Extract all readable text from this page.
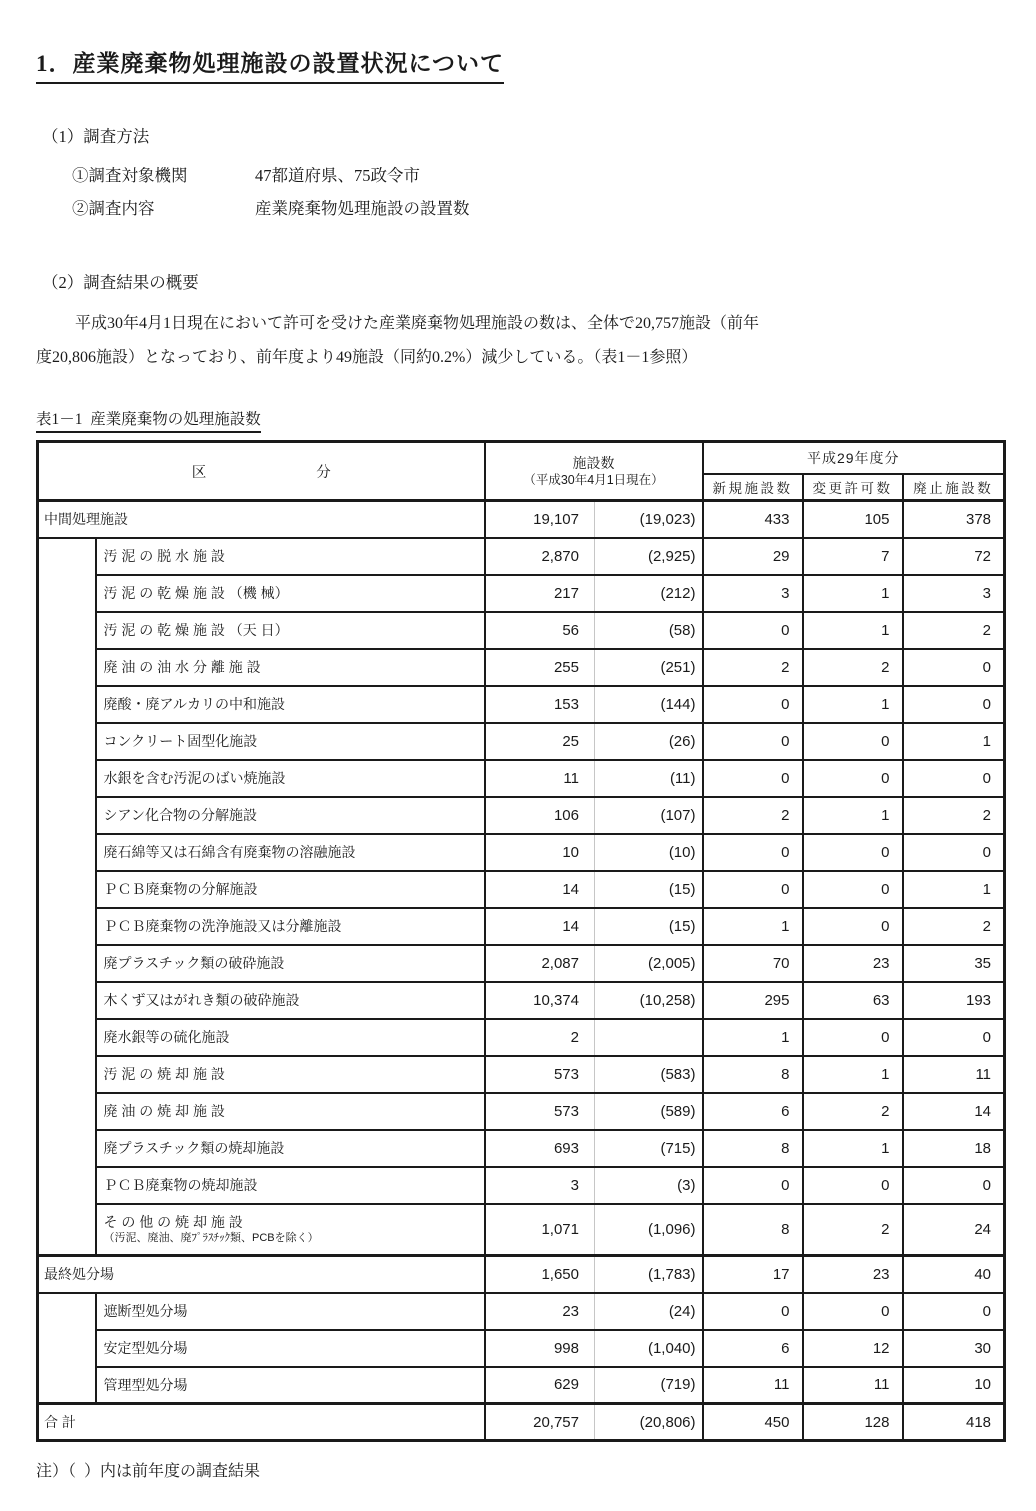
1．産業廃棄物処理施設の設置状況について
（1）調査方法
①調査対象機関	47都道府県、75政令市
②調査内容	産業廃棄物処理施設の設置数
（2）調査結果の概要
平成30年4月1日現在において許可を受けた産業廃棄物処理施設の数は、全体で20,757施設（前年
度20,806施設）となっており、前年度より49施設（同約0.2%）減少している。（表1－1参照）
表1－1  産業廃棄物の処理施設数
区	分

施設数
（平成30年4月1日現在）
	平成29年度分
				新規施設数	変更許可数	廃止施設数
中間処理施設		19,107	(19,023)	433	105	378
	汚 泥 の 脱 水 施 設	2,870	(2,925)	29	7	72
	汚 泥 の 乾 燥 施 設 （機 械）	217	(212)	3	1	3
	汚 泥 の 乾 燥 施 設 （天 日）	56	(58)	0	1	2
	廃 油 の 油 水 分 離 施 設	255	(251)	2	2	0
	廃酸・廃アルカリの中和施設	153	(144)	0	1	0
	コンクリート固型化施設	25	(26)	0	0	1
	水銀を含む汚泥のばい焼施設	11	(11)	0	0	0
	シアン化合物の分解施設	106	(107)	2	1	2
	廃石綿等又は石綿含有廃棄物の溶融施設	10	(10)	0	0	0
	ＰＣＢ廃棄物の分解施設	14	(15)	0	0	1
	ＰＣＢ廃棄物の洗浄施設又は分離施設	14	(15)	1	0	2
	廃プラスチック類の破砕施設	2,087	(2,005)	70	23	35
	木くず又はがれき類の破砕施設	10,374	(10,258)	295	63	193
	廃水銀等の硫化施設	2		1	0	0
	汚 泥 の 焼 却 施 設	573	(583)	8	1	11
	廃 油 の 焼 却 施 設	573	(589)	6	2	14
	廃プラスチック類の焼却施設	693	(715)	8	1	18
	ＰＣＢ廃棄物の焼却施設	3	(3)	0	0	0

	そ の 他 の 焼 却 施 設
（汚泥、廃油、廃ﾌﾟﾗｽﾁｯｸ類、PCBを除く）	1,071	(1,096)	8	2	24
最終処分場		1,650	(1,783)	17	23	40
	遮断型処分場	23	(24)	0	0	0
	安定型処分場	998	(1,040)	6	12	30
	管理型処分場	629	(719)	11	11	10
合 計		20,757	(20,806)	450	128	418
注）（  ）内は前年度の調査結果
